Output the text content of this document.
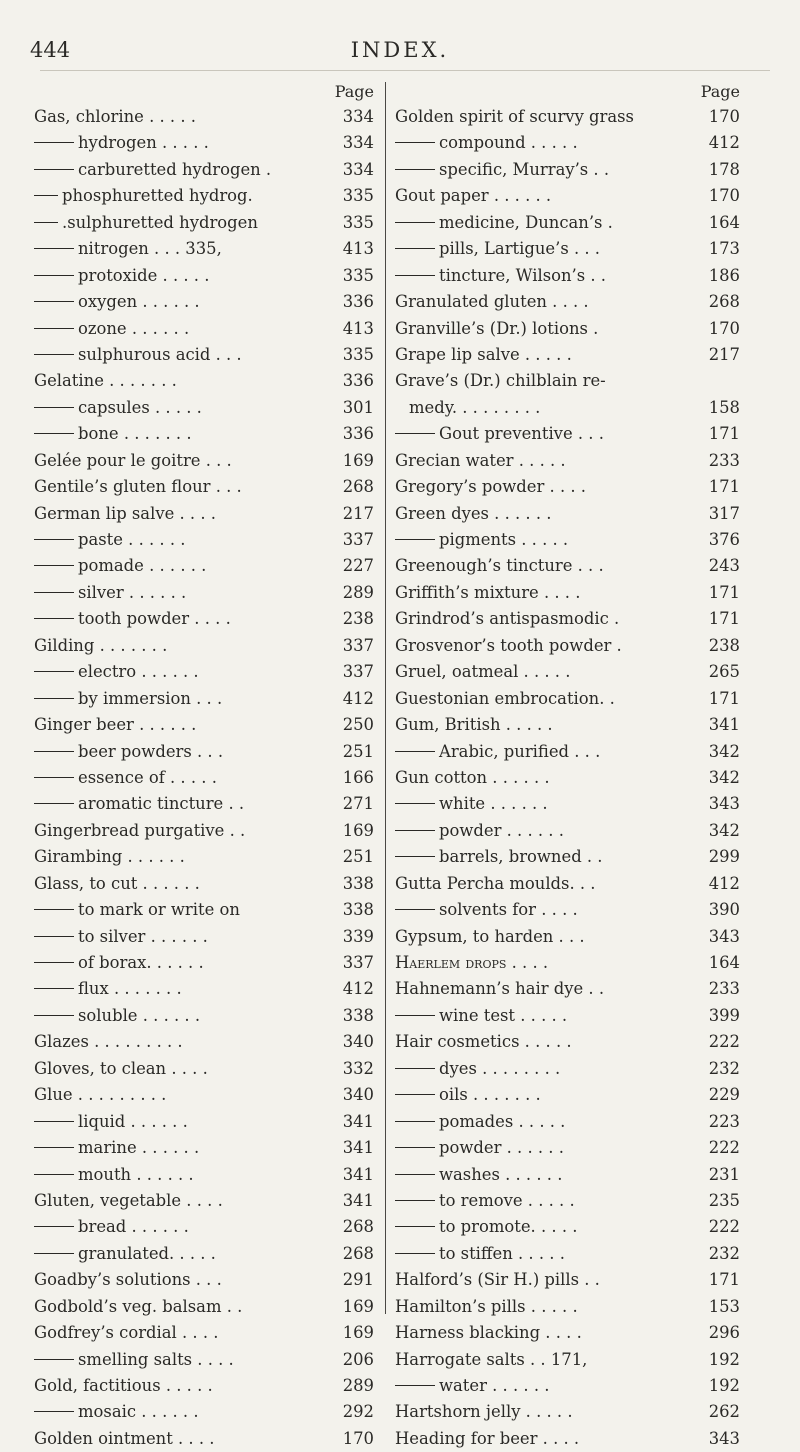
444	INDEX.
Page
Gas, chlorine . . . . .	334
hydrogen . . . . .	334
carburetted hydrogen .	334
phosphuretted hydrog.	335
.sulphuretted hydrogen	335
nitrogen . . . 335,	413
protoxide . . . . .	335
oxygen . . . . . .	336
ozone . . . . . .	413
sulphurous acid . . .	335
Gelatine . . . . . . .	336
capsules . . . . .	301
bone . . . . . . .	336
Gelée pour le goitre . . .	169
Gentile’s gluten flour . . .	268
German lip salve . . . .	217
paste . . . . . .	337
pomade . . . . . .	227
silver . . . . . .	289
tooth powder . . . .	238
Gilding . . . . . . .	337
electro . . . . . .	337
by immersion . . .	412
Ginger beer . . . . . .	250
beer powders . . .	251
essence of . . . . .	166
aromatic tincture . .	271
Gingerbread purgative . .	169
Girambing . . . . . .	251
Glass, to cut . . . . . .	338
to mark or write on	338
to silver . . . . . .	339
of borax. . . . . .	337
flux . . . . . . .	412
soluble . . . . . .	338
Glazes . . . . . . . . .	340
Gloves, to clean . . . .	332
Glue . . . . . . . . .	340
liquid . . . . . .	341
marine . . . . . .	341
mouth . . . . . .	341
Gluten, vegetable . . . .	341
bread . . . . . .	268
granulated. . . . .	268
Goadby’s solutions . . .	291
Godbold’s veg. balsam . .	169
Godfrey’s cordial . . . .	169
smelling salts . . . .	206
Gold, factitious . . . . .	289
mosaic . . . . . .	292
Golden ointment . . . .	170
Page
Golden spirit of scurvy grass	170
compound . . . . .	412
specific, Murray’s . .	178
Gout paper . . . . . .	170
medicine, Duncan’s .	164
pills, Lartigue’s . . .	173
tincture, Wilson’s . .	186
Granulated gluten . . . .	268
Granville’s (Dr.) lotions .	170
Grape lip salve . . . . .	217
Grave’s (Dr.) chilblain re-
medy. . . . . . . . .	158
Gout preventive . . .	171
Grecian water . . . . .	233
Gregory’s powder . . . .	171
Green dyes . . . . . .	317
pigments . . . . .	376
Greenough’s tincture . . .	243
Griffith’s mixture . . . .	171
Grindrod’s antispasmodic .	171
Grosvenor’s tooth powder .	238
Gruel, oatmeal . . . . .	265
Guestonian embrocation. .	171
Gum, British . . . . .	341
Arabic, purified . . .	342
Gun cotton . . . . . .	342
white . . . . . .	343
powder . . . . . .	342
barrels, browned . .	299
Gutta Percha moulds. . .	412
solvents for . . . .	390
Gypsum, to harden . . .	343
Haerlem drops . . . .	164
Hahnemann’s hair dye . .	233
wine test . . . . .	399
Hair cosmetics . . . . .	222
dyes . . . . . . . .	232
oils . . . . . . .	229
pomades . . . . .	223
powder . . . . . .	222
washes . . . . . .	231
to remove . . . . .	235
to promote. . . . .	222
to stiffen . . . . .	232
Halford’s (Sir H.) pills . .	171
Hamilton’s pills . . . . .	153
Harness blacking . . . .	296
Harrogate salts . . 171,	192
water . . . . . .	192
Hartshorn jelly . . . . .	262
Heading for beer . . . .	343
